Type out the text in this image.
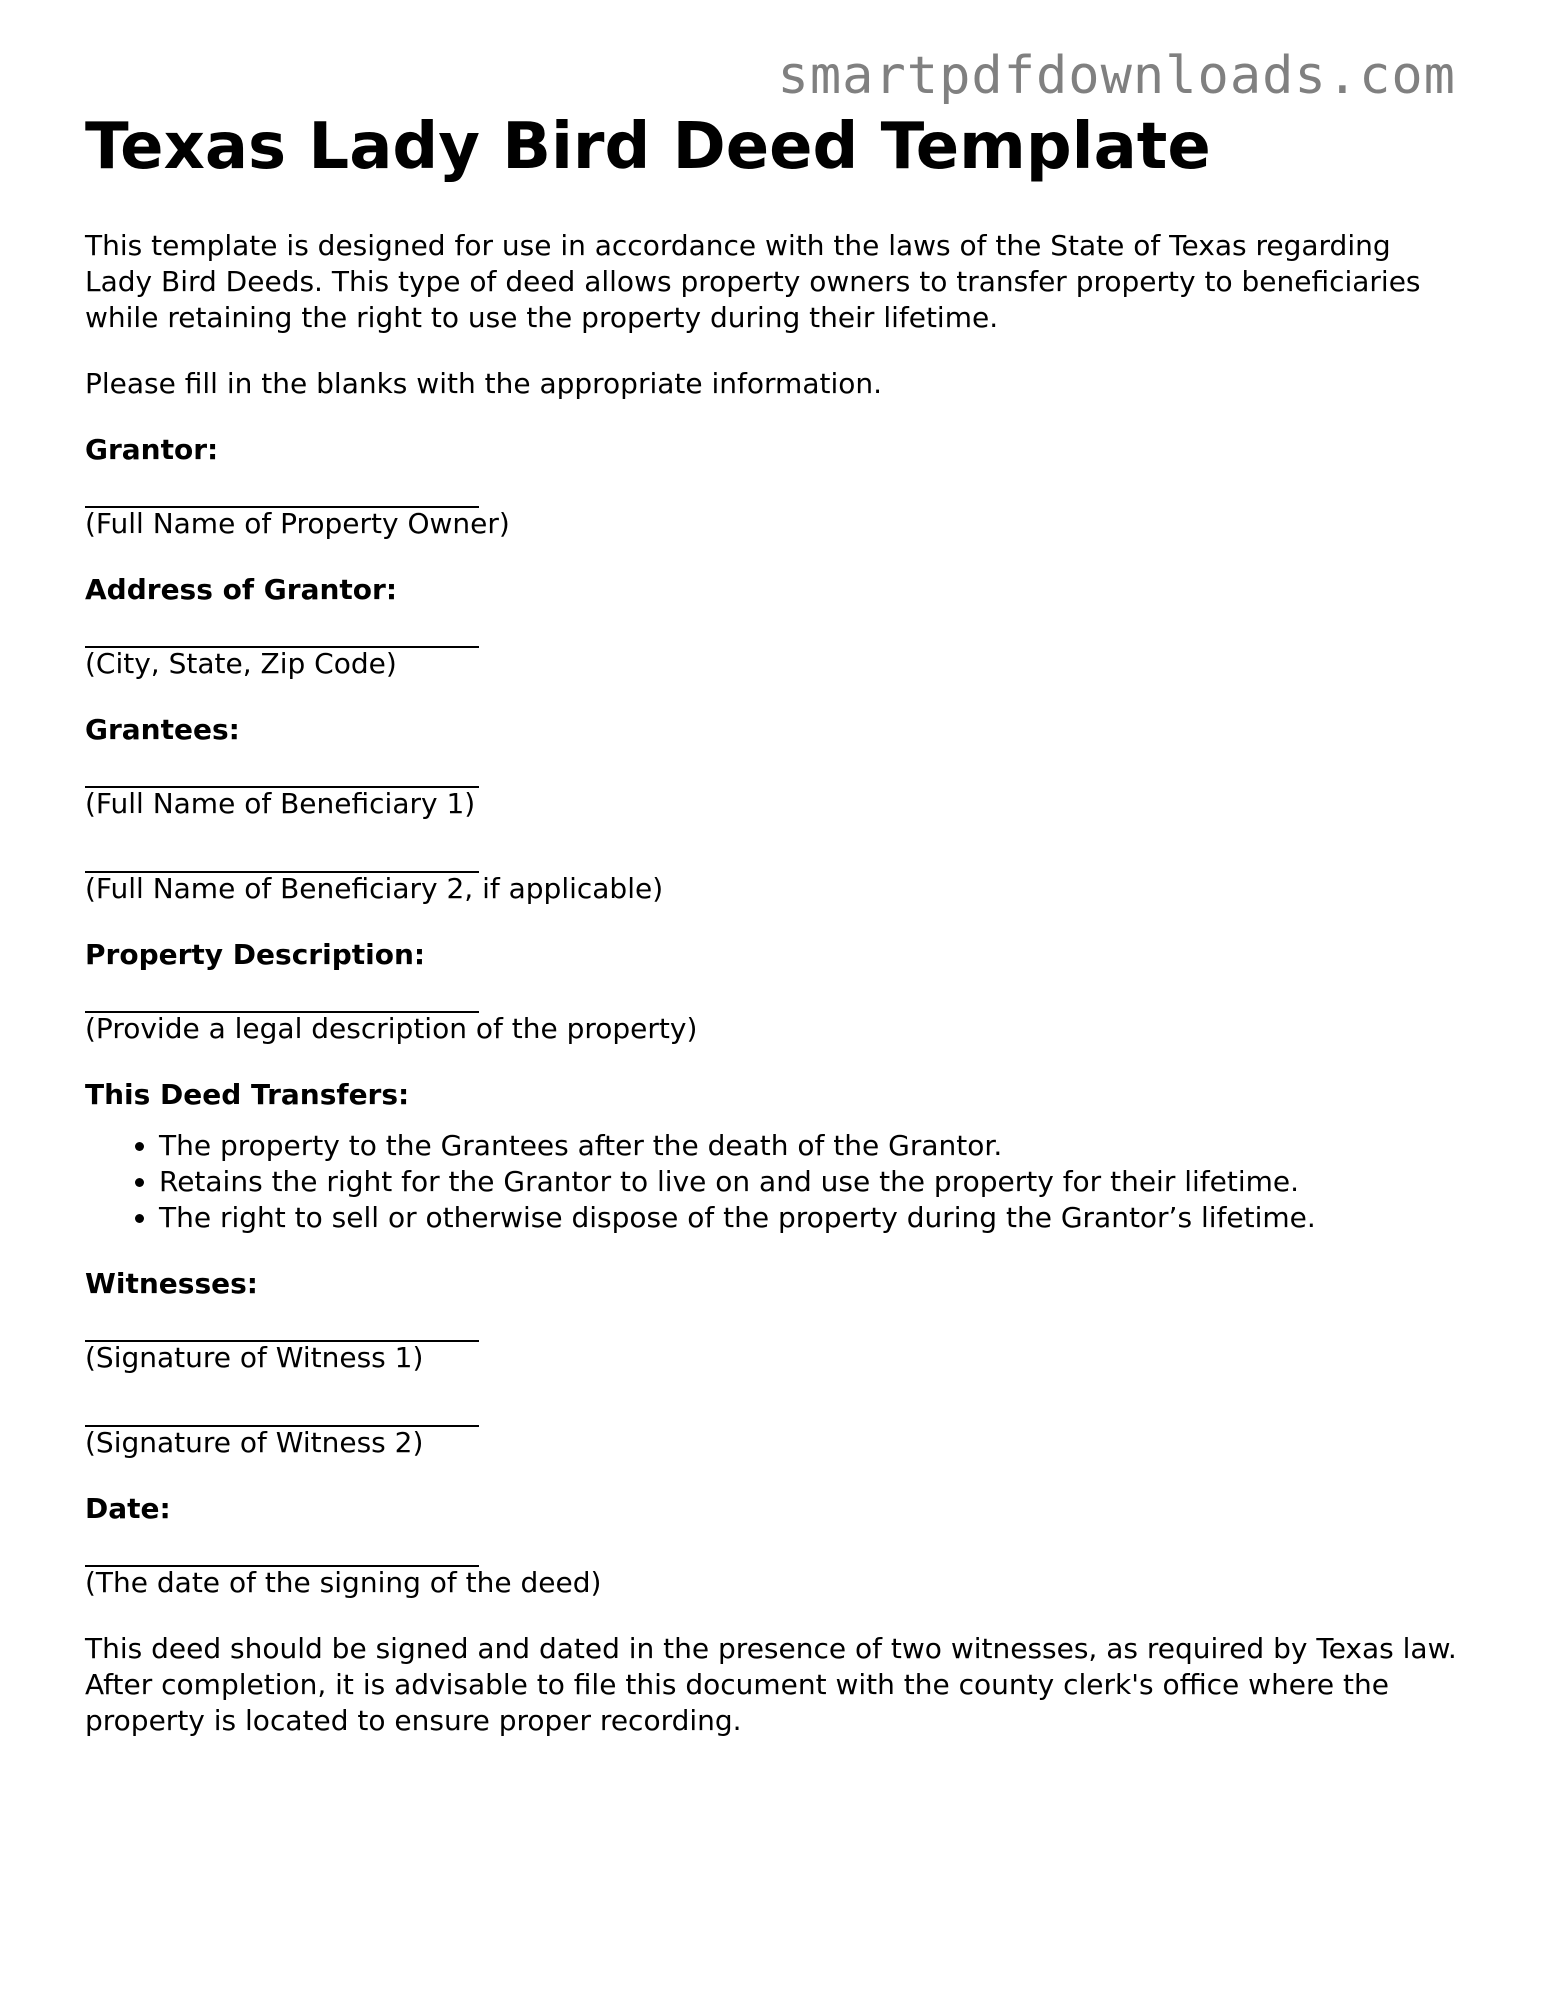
smartpdfdownloads.com
Texas Lady Bird Deed Template

This template is designed for use in accordance with the laws of the State of Texas regarding Lady Bird Deeds. This type of deed allows property owners to transfer property to beneficiaries while retaining the right to use the property during their lifetime.

Please fill in the blanks with the appropriate information.

Grantor:
(Full Name of Property Owner)
Address of Grantor:
(City, State, Zip Code)
Grantees:
(Full Name of Beneficiary 1)
(Full Name of Beneficiary 2, if applicable)
Property Description:
(Provide a legal description of the property)
This Deed Transfers:
• The property to the Grantees after the death of the Grantor.
• Retains the right for the Grantor to live on and use the property for their lifetime.
• The right to sell or otherwise dispose of the property during the Grantor’s lifetime.
Witnesses:
(Signature of Witness 1)
(Signature of Witness 2)
Date:
(The date of the signing of the deed)

This deed should be signed and dated in the presence of two witnesses, as required by Texas law. After completion, it is advisable to file this document with the county clerk's office where the property is located to ensure proper recording.
